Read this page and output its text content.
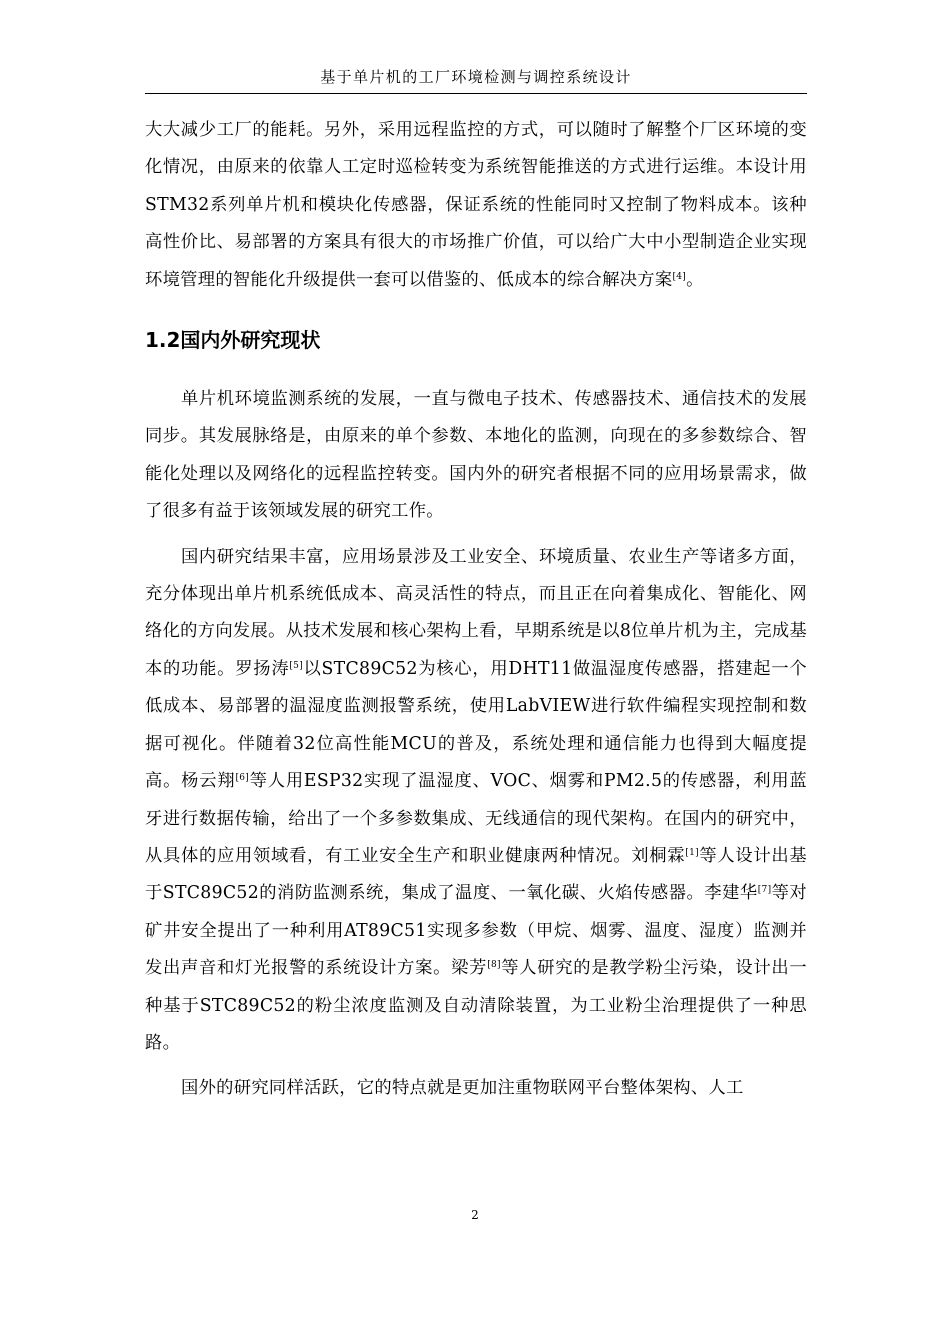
基于单片机的工厂环境检测与调控系统设计

大大减少工厂的能耗。另外，采用远程监控的方式，可以随时了解整个厂区环境的变化情况，由原来的依靠人工定时巡检转变为系统智能推送的方式进行运维。本设计用STM32系列单片机和模块化传感器，保证系统的性能同时又控制了物料成本。该种高性价比、易部署的方案具有很大的市场推广价值，可以给广大中小型制造企业实现环境管理的智能化升级提供一套可以借鉴的、低成本的综合解决方案[4]。

1.2国内外研究现状

单片机环境监测系统的发展，一直与微电子技术、传感器技术、通信技术的发展同步。其发展脉络是，由原来的单个参数、本地化的监测，向现在的多参数综合、智能化处理以及网络化的远程监控转变。国内外的研究者根据不同的应用场景需求，做了很多有益于该领域发展的研究工作。

国内研究结果丰富，应用场景涉及工业安全、环境质量、农业生产等诸多方面，充分体现出单片机系统低成本、高灵活性的特点，而且正在向着集成化、智能化、网络化的方向发展。从技术发展和核心架构上看，早期系统是以8位单片机为主，完成基本的功能。罗扬涛[5]以STC89C52为核心，用DHT11做温湿度传感器，搭建起一个低成本、易部署的温湿度监测报警系统，使用LabVIEW进行软件编程实现控制和数据可视化。伴随着32位高性能MCU的普及，系统处理和通信能力也得到大幅度提高。杨云翔[6]等人用ESP32实现了温湿度、VOC、烟雾和PM2.5的传感器，利用蓝牙进行数据传输，给出了一个多参数集成、无线通信的现代架构。在国内的研究中，从具体的应用领域看，有工业安全生产和职业健康两种情况。刘桐霖[1]等人设计出基于STC89C52的消防监测系统，集成了温度、一氧化碳、火焰传感器。李建华[7]等对矿井安全提出了一种利用AT89C51实现多参数（甲烷、烟雾、温度、湿度）监测并发出声音和灯光报警的系统设计方案。梁芳[8]等人研究的是教学粉尘污染，设计出一种基于STC89C52的粉尘浓度监测及自动清除装置，为工业粉尘治理提供了一种思路。

国外的研究同样活跃，它的特点就是更加注重物联网平台整体架构、人工

2
